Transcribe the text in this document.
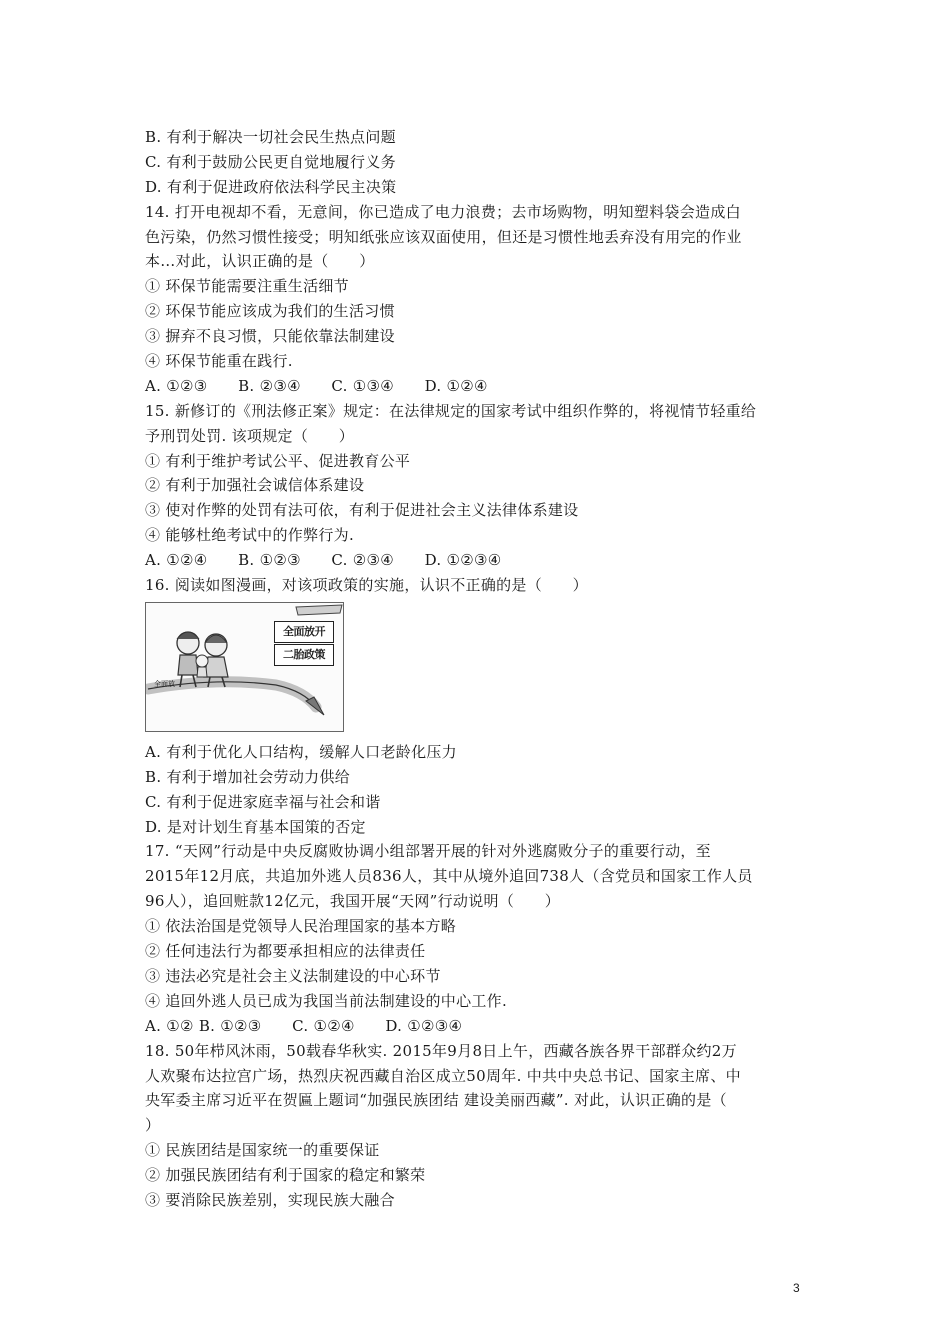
B. 有利于解决一切社会民生热点问题
C. 有利于鼓励公民更自觉地履行义务
D. 有利于促进政府依法科学民主决策
14. 打开电视却不看，无意间，你已造成了电力浪费；去市场购物，明知塑料袋会造成白
色污染，仍然习惯性接受；明知纸张应该双面使用，但还是习惯性地丢弃没有用完的作业
本…对此，认识正确的是（　　）
① 环保节能需要注重生活细节
② 环保节能应该成为我们的生活习惯
③ 摒弃不良习惯，只能依靠法制建设
④ 环保节能重在践行.
A. ①②③　　B. ②③④　　C. ①③④　　D. ①②④
15. 新修订的《刑法修正案》规定：在法律规定的国家考试中组织作弊的，将视情节轻重给
予刑罚处罚. 该项规定（　　）
① 有利于维护考试公平、促进教育公平
② 有利于加强社会诚信体系建设
③ 使对作弊的处罚有法可依，有利于促进社会主义法律体系建设
④ 能够杜绝考试中的作弊行为.
A. ①②④　　B. ①②③　　C. ②③④　　D. ①②③④
16. 阅读如图漫画，对该项政策的实施，认识不正确的是（　　）
全面放开
二胎政策
全面放
A. 有利于优化人口结构，缓解人口老龄化压力
B. 有利于增加社会劳动力供给
C. 有利于促进家庭幸福与社会和谐
D. 是对计划生育基本国策的否定
17. “天网”行动是中央反腐败协调小组部署开展的针对外逃腐败分子的重要行动，至
2015年12月底，共追加外逃人员836人，其中从境外追回738人（含党员和国家工作人员
96人），追回赃款12亿元，我国开展“天网”行动说明（　　）
① 依法治国是党领导人民治理国家的基本方略
② 任何违法行为都要承担相应的法律责任
③ 违法必究是社会主义法制建设的中心环节
④ 追回外逃人员已成为我国当前法制建设的中心工作.
A. ①② B. ①②③　　C. ①②④　　D. ①②③④
18. 50年栉风沐雨，50载春华秋实. 2015年9月8日上午，西藏各族各界干部群众约2万
人欢聚布达拉宫广场，热烈庆祝西藏自治区成立50周年. 中共中央总书记、国家主席、中
央军委主席习近平在贺匾上题词“加强民族团结 建设美丽西藏”. 对此，认识正确的是（
）
① 民族团结是国家统一的重要保证
② 加强民族团结有利于国家的稳定和繁荣
③ 要消除民族差别，实现民族大融合
3
